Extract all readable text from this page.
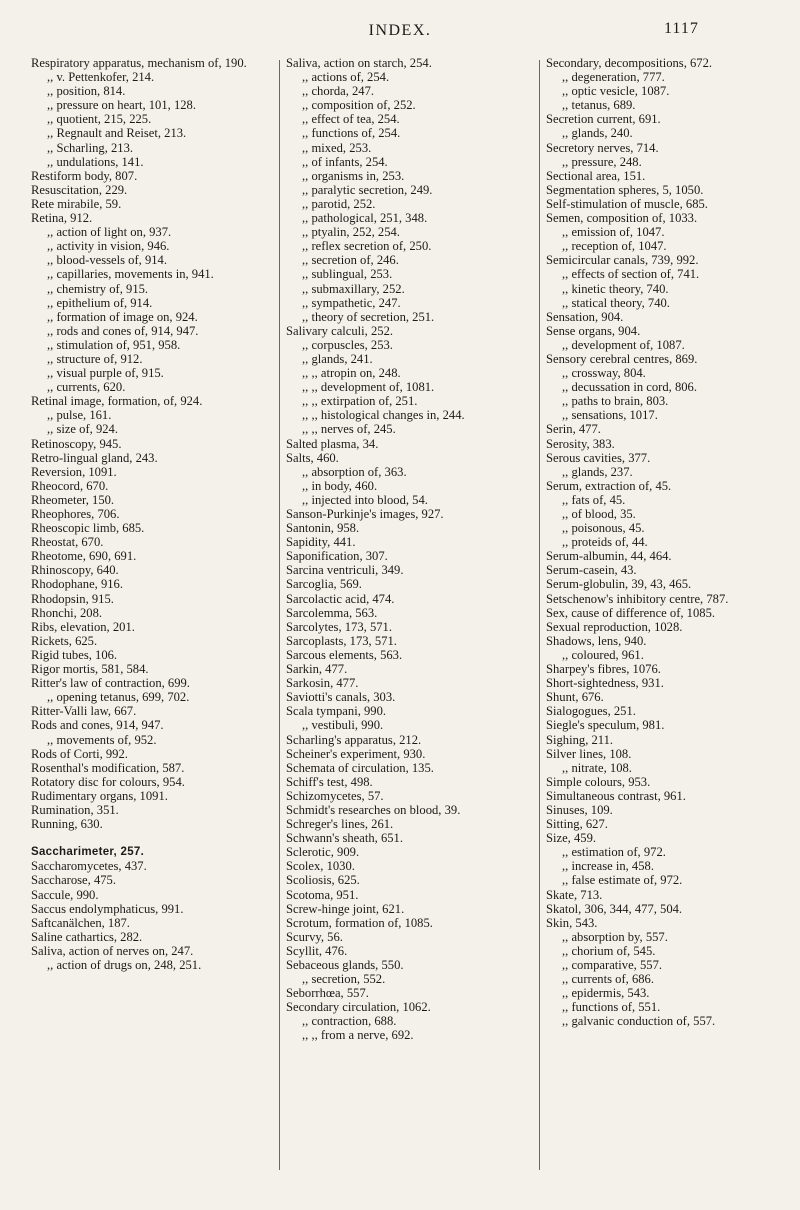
INDEX.	1117

Respiratory apparatus, mechanism of, 190.

,, v. Pettenkofer, 214.

,, position, 814.

,, pressure on heart, 101, 128.

,, quotient, 215, 225.

,, Regnault and Reiset, 213.

,, Scharling, 213.

,, undulations, 141.

Restiform body, 807.

Resuscitation, 229.

Rete mirabile, 59.

Retina, 912.

,, action of light on, 937.

,, activity in vision, 946.

,, blood-vessels of, 914.

,, capillaries, movements in, 941.

,, chemistry of, 915.

,, epithelium of, 914.

,, formation of image on, 924.

,, rods and cones of, 914, 947.

,, stimulation of, 951, 958.

,, structure of, 912.

,, visual purple of, 915.

,, currents, 620.

Retinal image, formation, of, 924.

,, pulse, 161.

,, size of, 924.

Retinoscopy, 945.

Retro-lingual gland, 243.

Reversion, 1091.

Rheocord, 670.

Rheometer, 150.

Rheophores, 706.

Rheoscopic limb, 685.

Rheostat, 670.

Rheotome, 690, 691.

Rhinoscopy, 640.

Rhodophane, 916.

Rhodopsin, 915.

Rhonchi, 208.

Ribs, elevation, 201.

Rickets, 625.

Rigid tubes, 106.

Rigor mortis, 581, 584.

Ritter's law of contraction, 699.

,, opening tetanus, 699, 702.

Ritter-Valli law, 667.

Rods and cones, 914, 947.

,, movements of, 952.

Rods of Corti, 992.

Rosenthal's modification, 587.

Rotatory disc for colours, 954.

Rudimentary organs, 1091.

Rumination, 351.

Running, 630.

Saccharimeter, 257.

Saccharomycetes, 437.

Saccharose, 475.

Saccule, 990.

Saccus endolymphaticus, 991.

Saftcanälchen, 187.

Saline cathartics, 282.

Saliva, action of nerves on, 247.

,, action of drugs on, 248, 251.

Saliva, action on starch, 254.

,, actions of, 254.

,, chorda, 247.

,, composition of, 252.

,, effect of tea, 254.

,, functions of, 254.

,, mixed, 253.

,, of infants, 254.

,, organisms in, 253.

,, paralytic secretion, 249.

,, parotid, 252.

,, pathological, 251, 348.

,, ptyalin, 252, 254.

,, reflex secretion of, 250.

,, secretion of, 246.

,, sublingual, 253.

,, submaxillary, 252.

,, sympathetic, 247.

,, theory of secretion, 251.

Salivary calculi, 252.

,, corpuscles, 253.

,, glands, 241.

,, ,, atropin on, 248.

,, ,, development of, 1081.

,, ,, extirpation of, 251.

,, ,, histological changes in, 244.

,, ,, nerves of, 245.

Salted plasma, 34.

Salts, 460.

,, absorption of, 363.

,, in body, 460.

,, injected into blood, 54.

Sanson-Purkinje's images, 927.

Santonin, 958.

Sapidity, 441.

Saponification, 307.

Sarcina ventriculi, 349.

Sarcoglia, 569.

Sarcolactic acid, 474.

Sarcolemma, 563.

Sarcolytes, 173, 571.

Sarcoplasts, 173, 571.

Sarcous elements, 563.

Sarkin, 477.

Sarkosin, 477.

Saviotti's canals, 303.

Scala tympani, 990.

,, vestibuli, 990.

Scharling's apparatus, 212.

Scheiner's experiment, 930.

Schemata of circulation, 135.

Schiff's test, 498.

Schizomycetes, 57.

Schmidt's researches on blood, 39.

Schreger's lines, 261.

Schwann's sheath, 651.

Sclerotic, 909.

Scolex, 1030.

Scoliosis, 625.

Scotoma, 951.

Screw-hinge joint, 621.

Scrotum, formation of, 1085.

Scurvy, 56.

Scyllit, 476.

Sebaceous glands, 550.

,, secretion, 552.

Seborrhœa, 557.

Secondary circulation, 1062.

,, contraction, 688.

,, ,, from a nerve, 692.

Secondary, decompositions, 672.

,, degeneration, 777.

,, optic vesicle, 1087.

,, tetanus, 689.

Secretion current, 691.

,, glands, 240.

Secretory nerves, 714.

,, pressure, 248.

Sectional area, 151.

Segmentation spheres, 5, 1050.

Self-stimulation of muscle, 685.

Semen, composition of, 1033.

,, emission of, 1047.

,, reception of, 1047.

Semicircular canals, 739, 992.

,, effects of section of, 741.

,, kinetic theory, 740.

,, statical theory, 740.

Sensation, 904.

Sense organs, 904.

,, development of, 1087.

Sensory cerebral centres, 869.

,, crossway, 804.

,, decussation in cord, 806.

,, paths to brain, 803.

,, sensations, 1017.

Serin, 477.

Serosity, 383.

Serous cavities, 377.

,, glands, 237.

Serum, extraction of, 45.

,, fats of, 45.

,, of blood, 35.

,, poisonous, 45.

,, proteids of, 44.

Serum-albumin, 44, 464.

Serum-casein, 43.

Serum-globulin, 39, 43, 465.

Setschenow's inhibitory centre, 787.

Sex, cause of difference of, 1085.

Sexual reproduction, 1028.

Shadows, lens, 940.

,, coloured, 961.

Sharpey's fibres, 1076.

Short-sightedness, 931.

Shunt, 676.

Sialogogues, 251.

Siegle's speculum, 981.

Sighing, 211.

Silver lines, 108.

,, nitrate, 108.

Simple colours, 953.

Simultaneous contrast, 961.

Sinuses, 109.

Sitting, 627.

Size, 459.

,, estimation of, 972.

,, increase in, 458.

,, false estimate of, 972.

Skate, 713.

Skatol, 306, 344, 477, 504.

Skin, 543.

,, absorption by, 557.

,, chorium of, 545.

,, comparative, 557.

,, currents of, 686.

,, epidermis, 543.

,, functions of, 551.

,, galvanic conduction of, 557.
